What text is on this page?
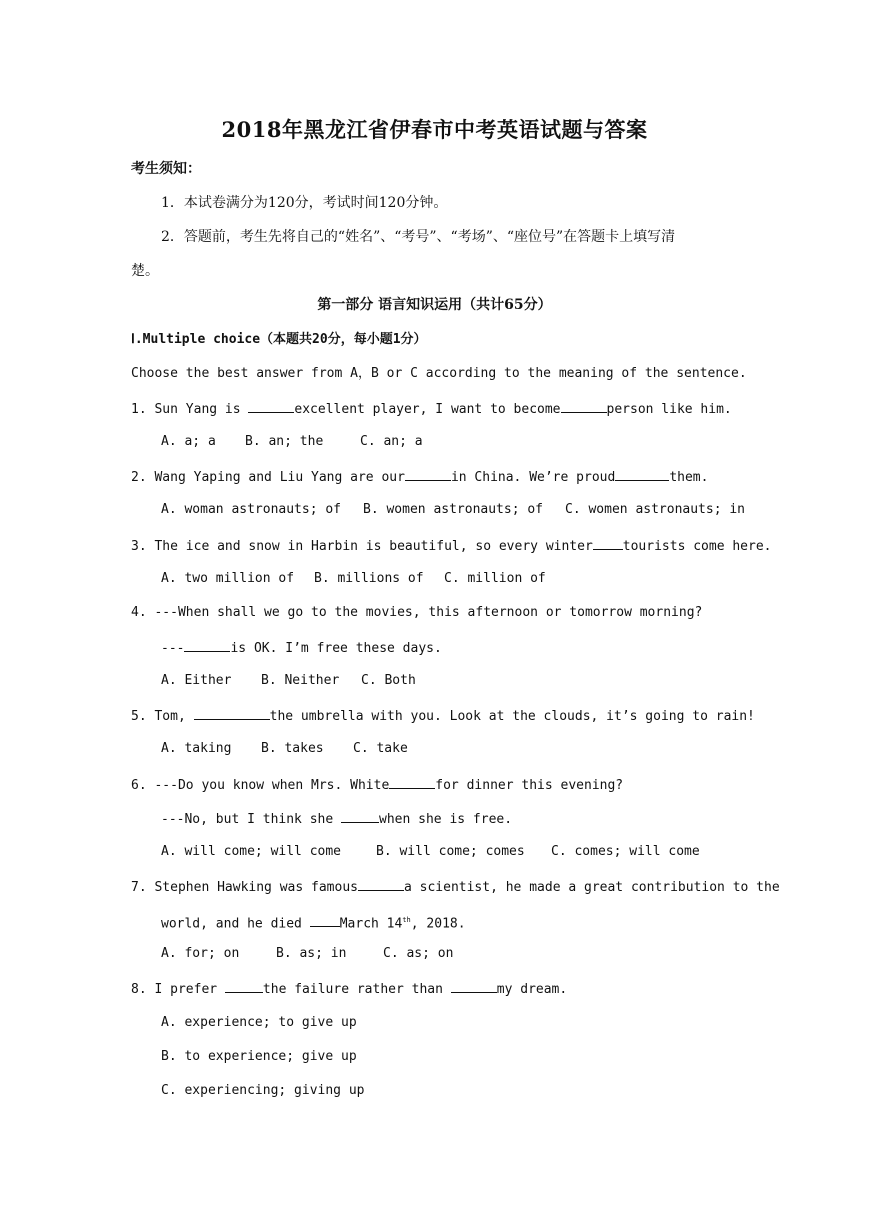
2018年黑龙江省伊春市中考英语试题与答案
考生须知：
1．本试卷满分为120分，考试时间120分钟。
2．答题前，考生先将自己的“姓名”、“考号”、“考场”、“座位号”在答题卡上填写清
楚。
第一部分 语言知识运用（共计65分）
Ⅰ.Multiple choice（本题共20分，每小题1分）
Choose the best answer from A，B or C according to the meaning of the sentence.
1. Sun Yang is	excellent player, I want to become	person like him.
A. a; a B. an; the	C. an; a
2. Wang Yaping and Liu Yang are our	in China. We’re proud	them.
A. woman astronauts; of B. women astronauts; of C. women astronauts; in
3. The ice and snow in Harbin is beautiful, so every winter tourists come here.
A. two million of B. millions of C. million of
4. ---When shall we go to the movies, this afternoon or tomorrow morning?
---	is OK. I’m free these days.
A. Either B. Neither C. Both
5. Tom,	the umbrella with you. Look at the clouds, it’s going to rain!
A. taking B. takes C. take
6. ---Do you know when Mrs. White	for dinner this evening?
---No, but I think she	when she is free.
A. will come; will come	B. will come; comes C. comes; will come
7. Stephen Hawking was famous	a scientist, he made a great contribution to the
world, and he died March 14th, 2018.
A. for; on	B. as; in	C. as; on
8. I prefer	the failure rather than	my dream.
A. experience; to give up
B. to experience; give up
C. experiencing; giving up
